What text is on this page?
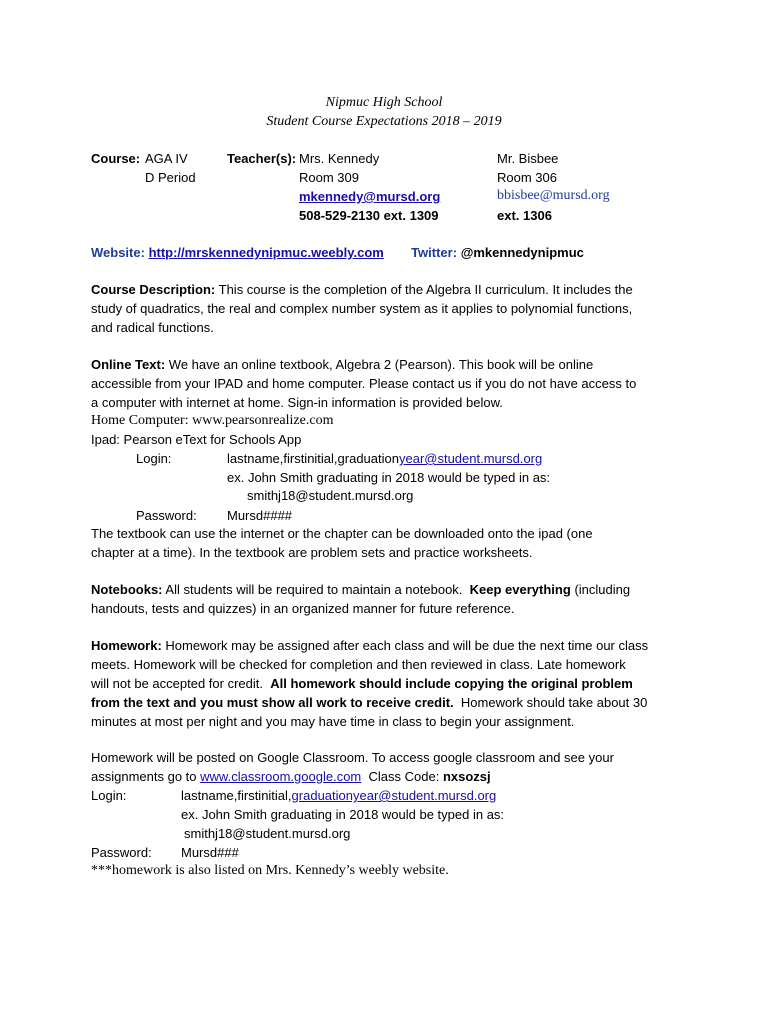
Nipmuc High School
Student Course Expectations 2018 – 2019
Course: AGA IV
D Period
Teacher(s): Mrs. Kennedy
Room 309
mkennedy@mursd.org
508-529-2130 ext. 1309
Mr. Bisbee
Room 306
bbisbee@mursd.org
ext. 1306
Website: http://mrskennedynipmuc.weebly.com Twitter: @mkennedynipmuc
Course Description: This course is the completion of the Algebra II curriculum. It includes the
study of quadratics, the real and complex number system as it applies to polynomial functions,
and radical functions.
Online Text: We have an online textbook, Algebra 2 (Pearson). This book will be online
accessible from your IPAD and home computer. Please contact us if you do not have access to
a computer with internet at home. Sign-in information is provided below.
Home Computer: www.pearsonrealize.com
Ipad: Pearson eText for Schools App
Login:	lastname,firstinitial,graduationyear@student.mursd.org
ex. John Smith graduating in 2018 would be typed in as:
smithj18@student.mursd.org
Password: Mursd####
The textbook can use the internet or the chapter can be downloaded onto the ipad (one
chapter at a time). In the textbook are problem sets and practice worksheets.
Notebooks: All students will be required to maintain a notebook. Keep everything (including
handouts, tests and quizzes) in an organized manner for future reference.
Homework: Homework may be assigned after each class and will be due the next time our class
meets. Homework will be checked for completion and then reviewed in class. Late homework
will not be accepted for credit. All homework should include copying the original problem
from the text and you must show all work to receive credit. Homework should take about 30
minutes at most per night and you may have time in class to begin your assignment.
Homework will be posted on Google Classroom. To access google classroom and see your
assignments go to www.classroom.google.com Class Code: nxsozsj
Login:	lastname,firstinitial,graduationyear@student.mursd.org
ex. John Smith graduating in 2018 would be typed in as:
smithj18@student.mursd.org
Password: Mursd###
***homework is also listed on Mrs. Kennedy’s weebly website.
